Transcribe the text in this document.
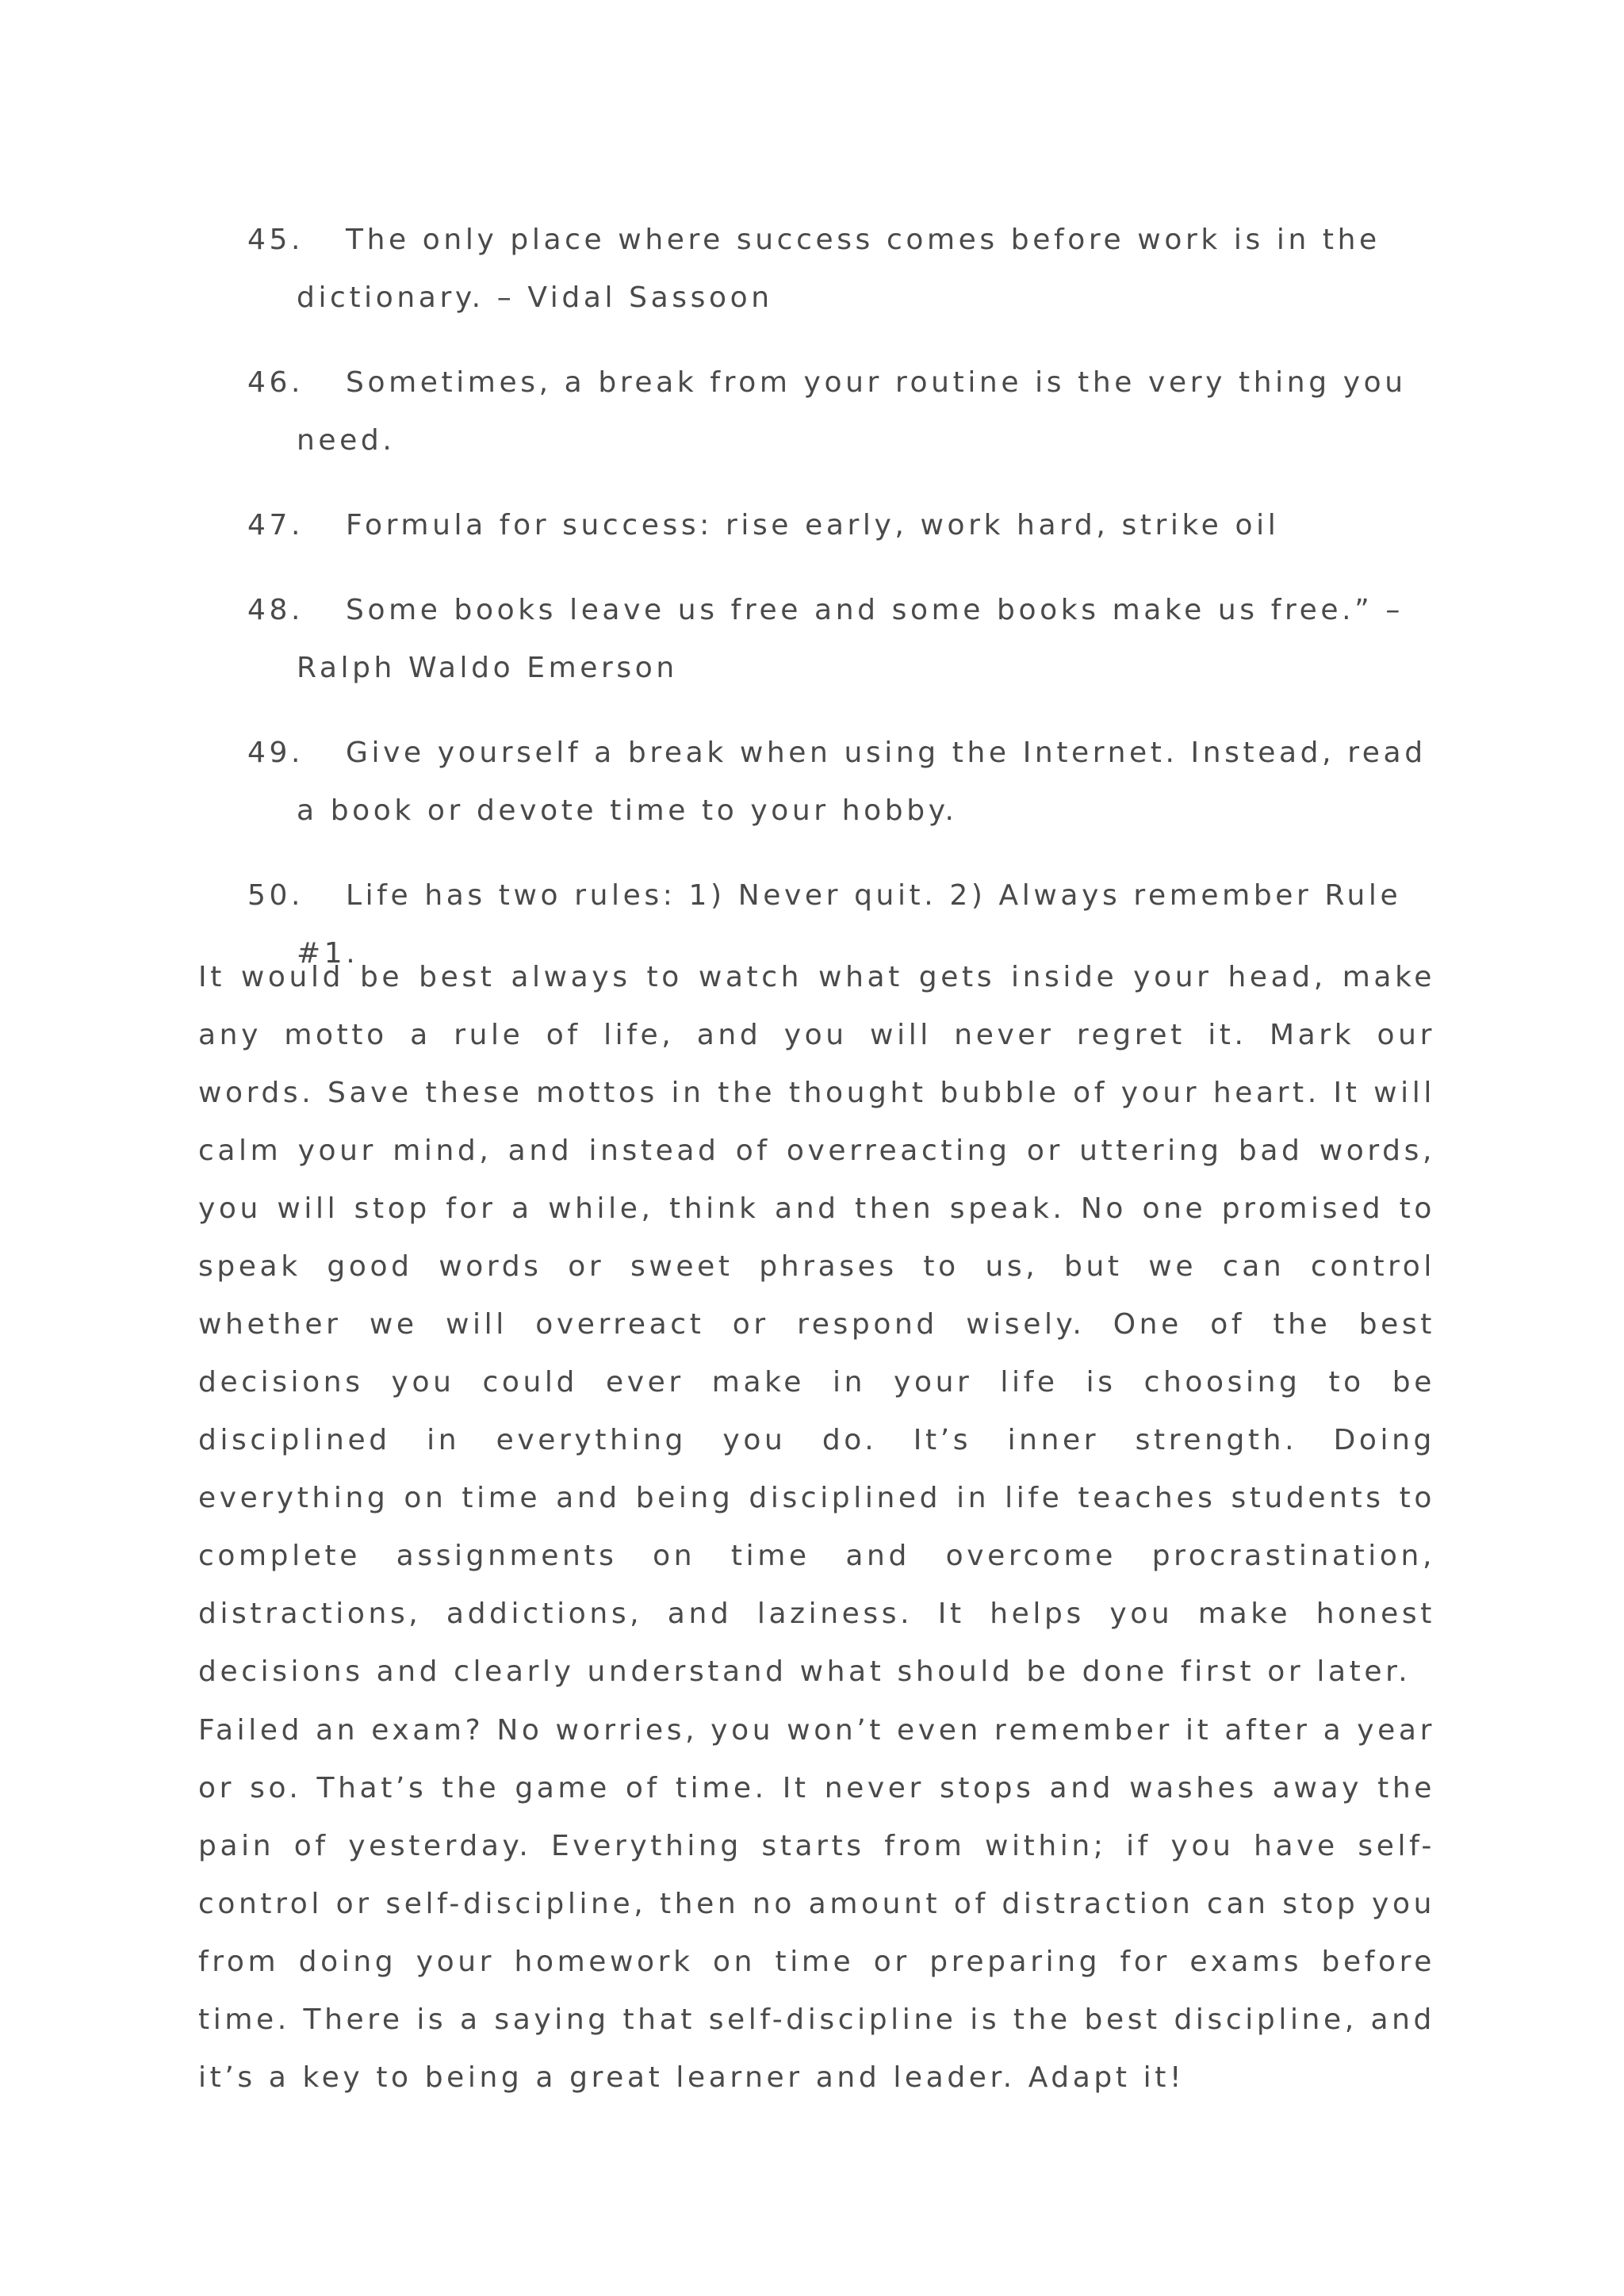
45.	The only place where success comes before work is in the dictionary. – Vidal Sassoon
46.	Sometimes, a break from your routine is the very thing you need.
47.	Formula for success: rise early, work hard, strike oil
48.	Some books leave us free and some books make us free.” – Ralph Waldo Emerson
49.	Give yourself a break when using the Internet. Instead, read a book or devote time to your hobby.
50.	Life has two rules: 1) Never quit. 2) Always remember Rule #1.

It would be best always to watch what gets inside your head, make any motto a rule of life, and you will never regret it. Mark our words. Save these mottos in the thought bubble of your heart. It will calm your mind, and instead of overreacting or uttering bad words, you will stop for a while, think and then speak. No one promised to speak good words or sweet phrases to us, but we can control whether we will overreact or respond wisely. One of the best decisions you could ever make in your life is choosing to be disciplined in everything you do. It’s inner strength. Doing everything on time and being disciplined in life teaches students to complete assignments on time and overcome procrastination, distractions, addictions, and laziness. It helps you make honest decisions and clearly understand what should be done first or later.

Failed an exam? No worries, you won’t even remember it after a year or so. That’s the game of time. It never stops and washes away the pain of yesterday. Everything starts from within; if you have self-control or self-discipline, then no amount of distraction can stop you from doing your homework on time or preparing for exams before time. There is a saying that self-discipline is the best discipline, and it’s a key to being a great learner and leader. Adapt it!
